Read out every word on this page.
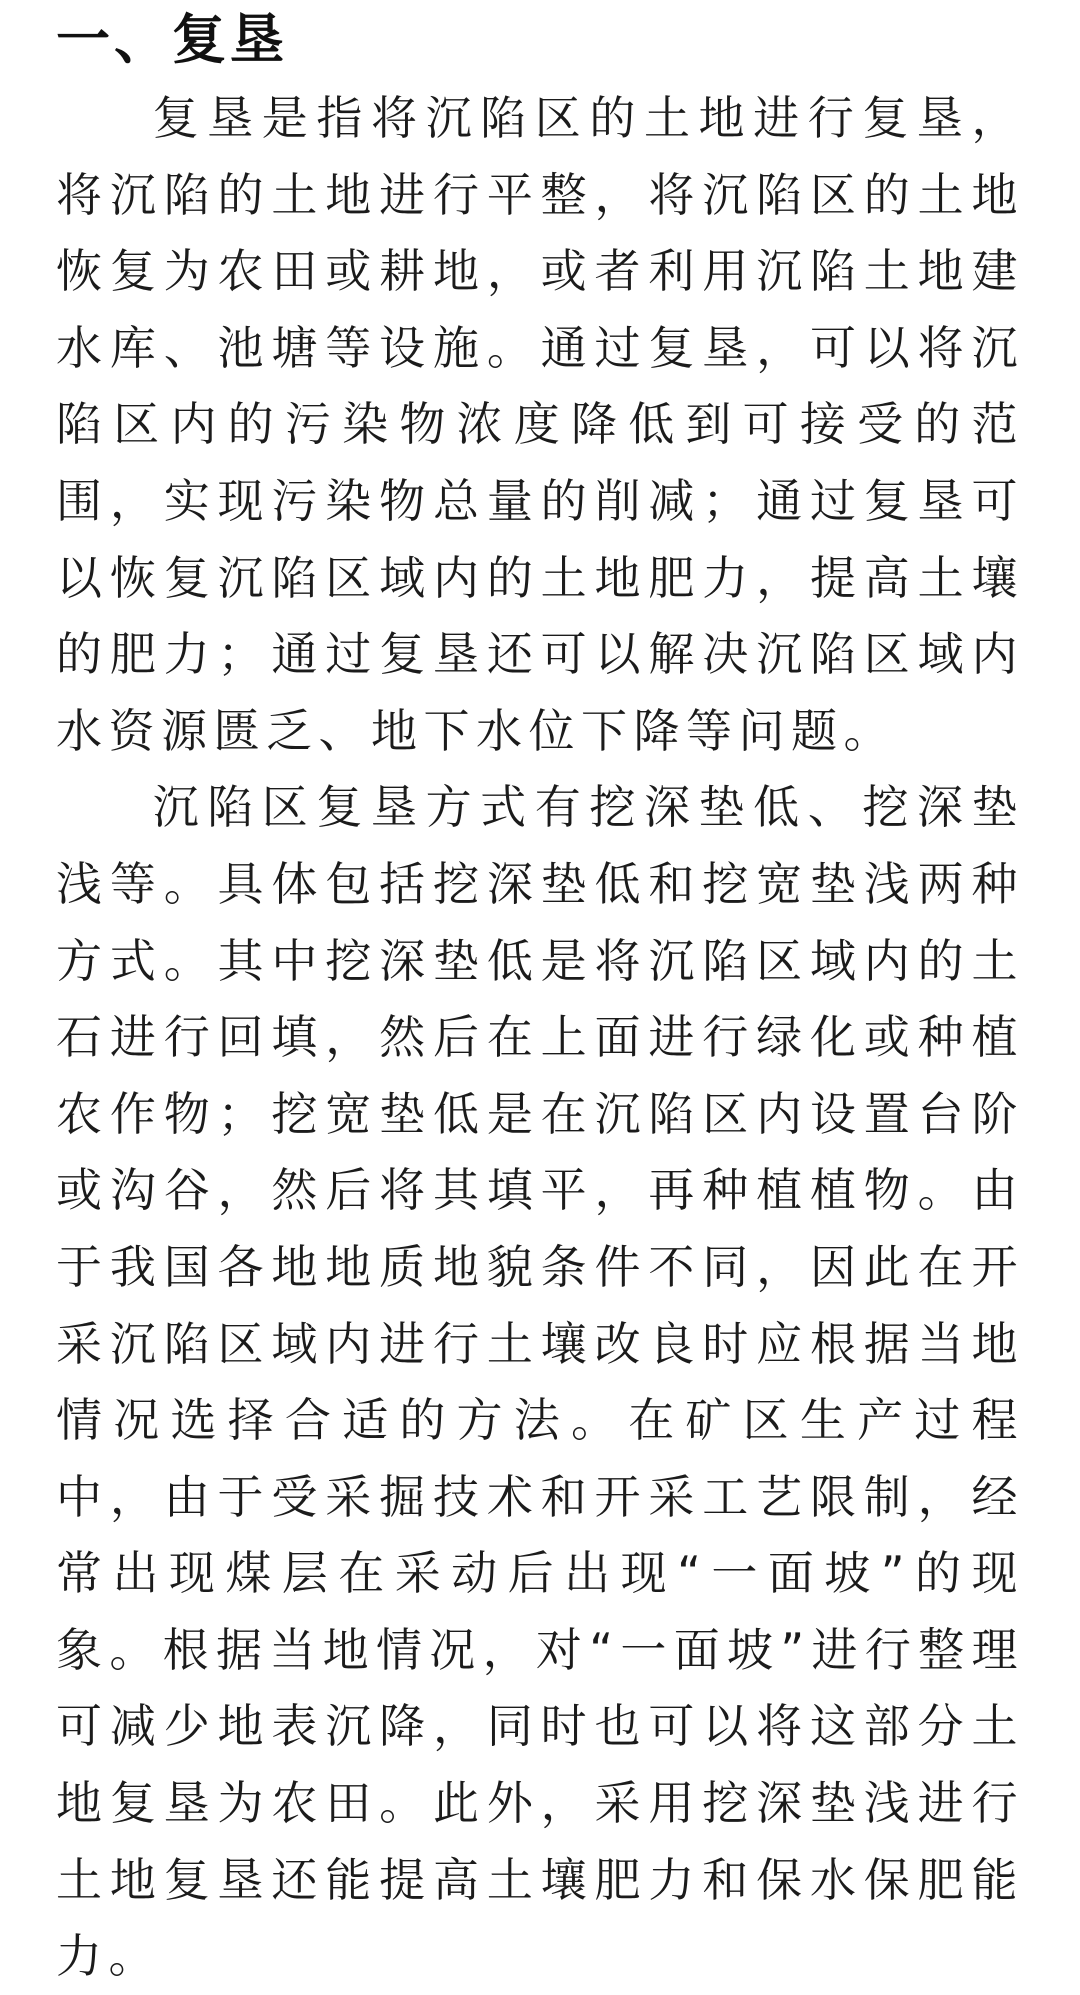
一、复垦

复垦是指将沉陷区的土地进行复垦，将沉陷的土地进行平整，将沉陷区的土地恢复为农田或耕地，或者利用沉陷土地建水库、池塘等设施。通过复垦，可以将沉陷区内的污染物浓度降低到可接受的范围，实现污染物总量的削减；通过复垦可以恢复沉陷区域内的土地肥力，提高土壤的肥力；通过复垦还可以解决沉陷区域内水资源匮乏、地下水位下降等问题。

沉陷区复垦方式有挖深垫低、挖深垫浅等。具体包括挖深垫低和挖宽垫浅两种方式。其中挖深垫低是将沉陷区域内的土石进行回填，然后在上面进行绿化或种植农作物；挖宽垫低是在沉陷区内设置台阶或沟谷，然后将其填平，再种植植物。由于我国各地地质地貌条件不同，因此在开采沉陷区域内进行土壤改良时应根据当地情况选择合适的方法。在矿区生产过程中，由于受采掘技术和开采工艺限制，经常出现煤层在采动后出现“一面坡”的现象。根据当地情况，对“一面坡”进行整理可减少地表沉降，同时也可以将这部分土地复垦为农田。此外，采用挖深垫浅进行土地复垦还能提高土壤肥力和保水保肥能力。
